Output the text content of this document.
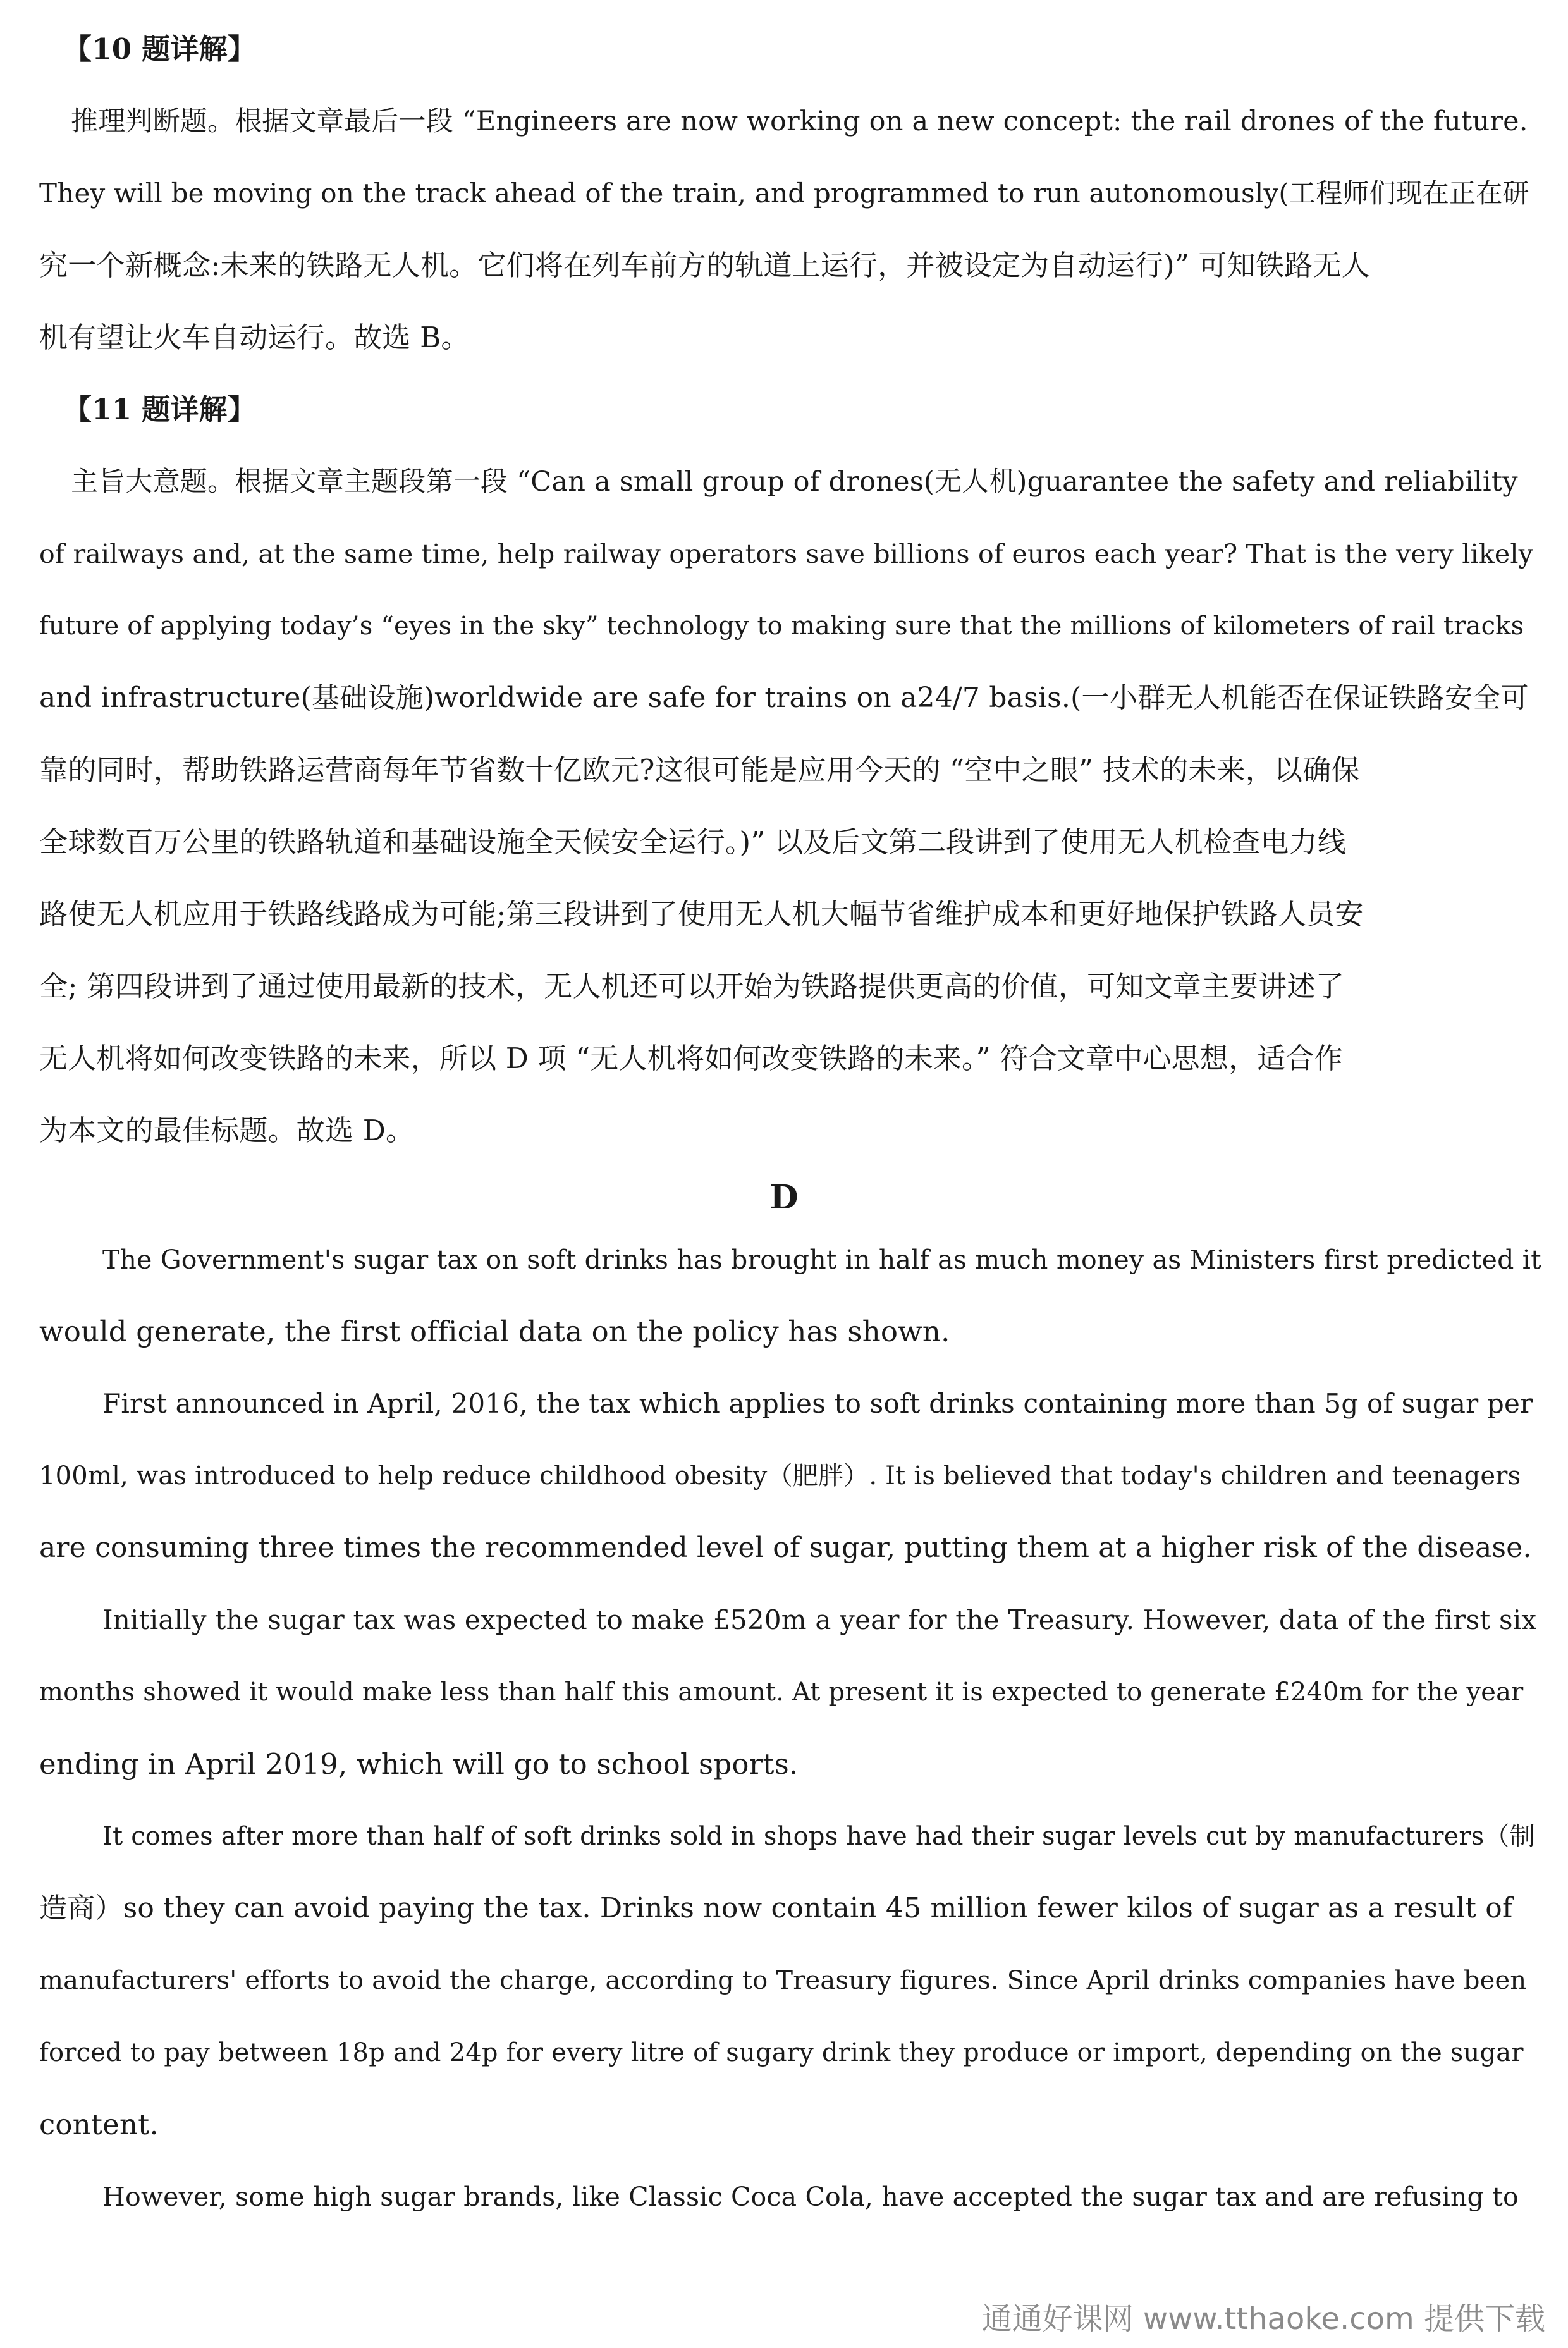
【10 题详解】
推理判断题。根据文章最后一段 “Engineers are now working on a new concept: the rail drones of the future.
They will be moving on the track ahead of the train, and programmed to run autonomously(工程师们现在正在研
究一个新概念:未来的铁路无人机。它们将在列车前方的轨道上运行，并被设定为自动运行)” 可知铁路无人
机有望让火车自动运行。故选 B。
【11 题详解】
主旨大意题。根据文章主题段第一段 “Can a small group of drones(无人机)guarantee the safety and reliability
of railways and, at the same time, help railway operators save billions of euros each year? That is the very likely
future of applying today’s “eyes in the sky” technology to making sure that the millions of kilometers of rail tracks
and infrastructure(基础设施)worldwide are safe for trains on a24/7 basis.(一小群无人机能否在保证铁路安全可
靠的同时，帮助铁路运营商每年节省数十亿欧元?这很可能是应用今天的 “空中之眼” 技术的未来，以确保
全球数百万公里的铁路轨道和基础设施全天候安全运行。)” 以及后文第二段讲到了使用无人机检查电力线
路使无人机应用于铁路线路成为可能;第三段讲到了使用无人机大幅节省维护成本和更好地保护铁路人员安
全; 第四段讲到了通过使用最新的技术，无人机还可以开始为铁路提供更高的价值，可知文章主要讲述了
无人机将如何改变铁路的未来，所以 D 项 “无人机将如何改变铁路的未来。” 符合文章中心思想，适合作
为本文的最佳标题。故选 D。
D
The Government's sugar tax on soft drinks has brought in half as much money as Ministers first predicted it
would generate, the first official data on the policy has shown.
First announced in April, 2016, the tax which applies to soft drinks containing more than 5g of sugar per
100ml, was introduced to help reduce childhood obesity（肥胖）. It is believed that today's children and teenagers
are consuming three times the recommended level of sugar, putting them at a higher risk of the disease.
Initially the sugar tax was expected to make £520m a year for the Treasury. However, data of the first six
months showed it would make less than half this amount. At present it is expected to generate £240m for the year
ending in April 2019, which will go to school sports.
It comes after more than half of soft drinks sold in shops have had their sugar levels cut by manufacturers（制
造商）so they can avoid paying the tax. Drinks now contain 45 million fewer kilos of sugar as a result of
manufacturers' efforts to avoid the charge, according to Treasury figures. Since April drinks companies have been
forced to pay between 18p and 24p for every litre of sugary drink they produce or import, depending on the sugar
content.
However, some high sugar brands, like Classic Coca Cola, have accepted the sugar tax and are refusing to
通通好课网 www.tthaoke.com 提供下载
